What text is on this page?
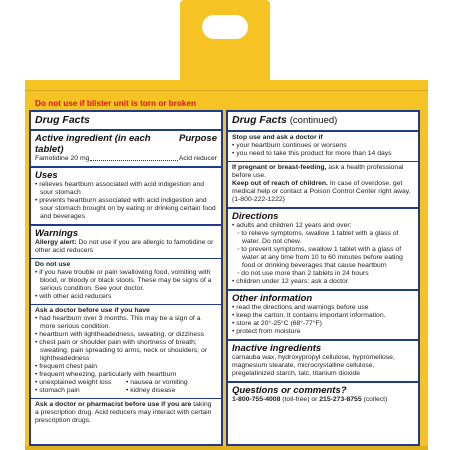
Do not use if blister unit is torn or broken
Drug Facts
Active ingredient (in each tablet)
Purpose
Famotidine 20 mg	Acid reducer
Uses
• relieves heartburn associated with acid indigestion and sour stomach
• prevents heartburn associated with acid indigestion and sour stomach brought on by eating or drinking certain food and beverages
Warnings
Allergy alert: Do not use if you are allergic to famotidine or other acid reducers
Do not use
• if you have trouble or pain swallowing food, vomiting with blood, or bloody or black stools. These may be signs of a serious condition. See your doctor.
• with other acid reducers
Ask a doctor before use if you have
• had heartburn over 3 months. This may be a sign of a more serious condition.
• heartburn with lightheadedness, sweating, or dizziness
• chest pain or shoulder pain with shortness of breath; sweating; pain spreading to arms, neck or shoulders; or lightheadedness
• frequent chest pain
• frequent wheezing, particularly with heartburn
• unexplained weight loss
• stomach pain
• nausea or vomiting
• kidney disease
Ask a doctor or pharmacist before use if you are taking a prescription drug. Acid reducers may interact with certain prescription drugs.
Drug Facts (continued)
Stop use and ask a doctor if
• your heartburn continues or worsens
• you need to take this product for more than 14 days
If pregnant or breast-feeding, ask a health professional before use.
Keep out of reach of children. In case of overdose, get medical help or contact a Poison Control Center right away. (1-800-222-1222)
Directions
• adults and children 12 years and over:
◦ to relieve symptoms, swallow 1 tablet with a glass of water. Do not chew.
◦ to prevent symptoms, swallow 1 tablet with a glass of water at any time from 10 to 60 minutes before eating food or drinking beverages that cause heartburn
◦ do not use more than 2 tablets in 24 hours
• children under 12 years: ask a doctor
Other information
• read the directions and warnings before use
• keep the carton. It contains important information.
• store at 20°-25°C (68°-77°F)
• protect from moisture
Inactive ingredients
carnauba wax, hydroxypropyl cellulose, hypromellose, magnesium stearate, microcrystalline cellulose, pregelatinized starch, talc, titanium dioxide
Questions or comments?
1-800-755-4008 (toll-free) or 215-273-8755 (collect)
